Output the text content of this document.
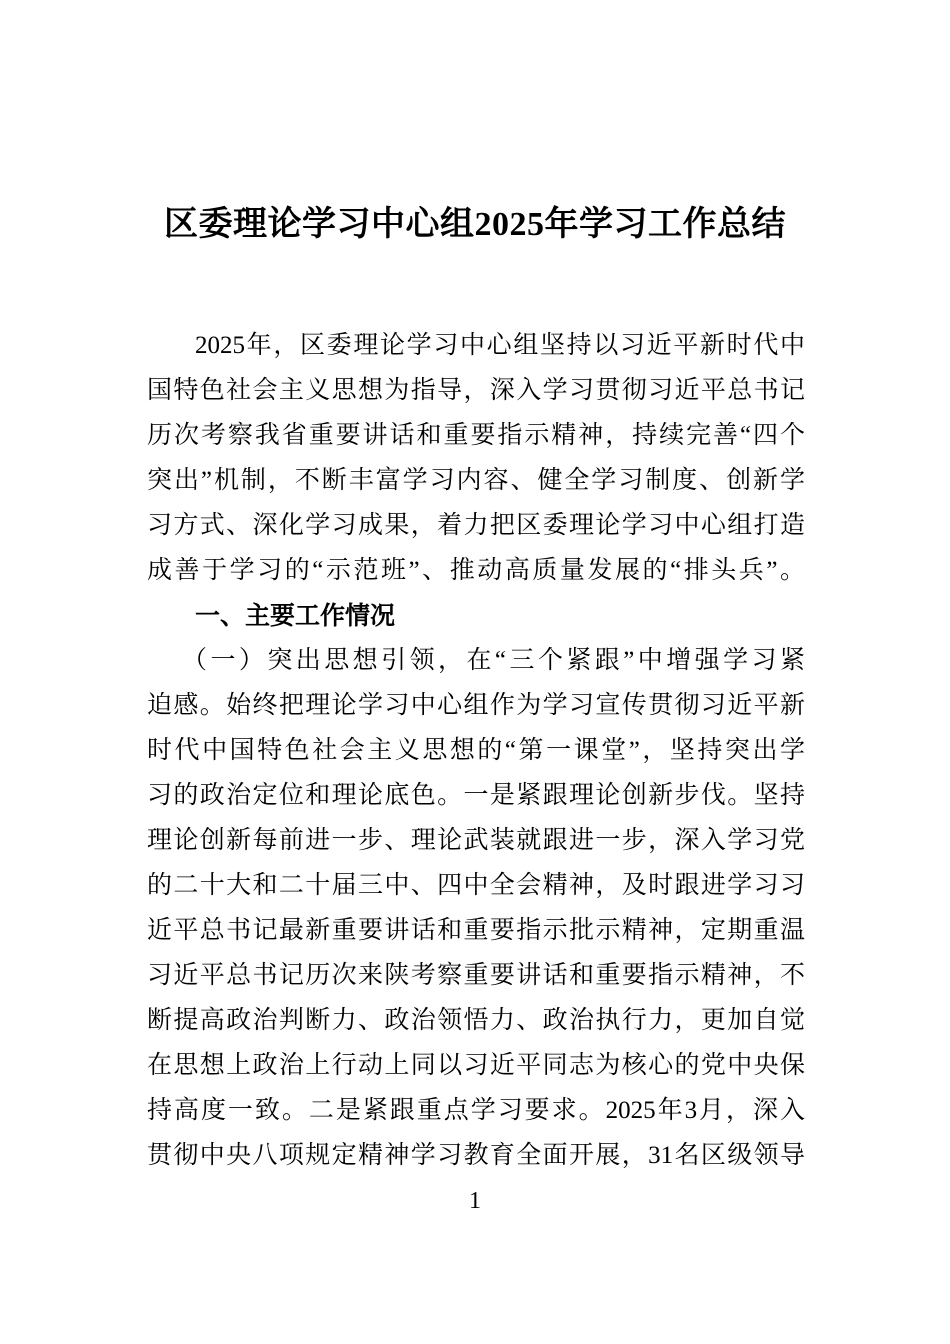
区委理论学习中心组2025年学习工作总结
2025年，区委理论学习中心组坚持以习近平新时代中
国特色社会主义思想为指导，深入学习贯彻习近平总书记
历次考察我省重要讲话和重要指示精神，持续完善“四个
突出”机制，不断丰富学习内容、健全学习制度、创新学
习方式、深化学习成果，着力把区委理论学习中心组打造
成善于学习的“示范班”、推动高质量发展的“排头兵”。
一、主要工作情况
（一）突出思想引领，在“三个紧跟”中增强学习紧
迫感。始终把理论学习中心组作为学习宣传贯彻习近平新
时代中国特色社会主义思想的“第一课堂”，坚持突出学
习的政治定位和理论底色。一是紧跟理论创新步伐。坚持
理论创新每前进一步、理论武装就跟进一步，深入学习党
的二十大和二十届三中、四中全会精神，及时跟进学习习
近平总书记最新重要讲话和重要指示批示精神，定期重温
习近平总书记历次来陕考察重要讲话和重要指示精神，不
断提高政治判断力、政治领悟力、政治执行力，更加自觉
在思想上政治上行动上同以习近平同志为核心的党中央保
持高度一致。二是紧跟重点学习要求。2025年3月，深入
贯彻中央八项规定精神学习教育全面开展，31名区级领导
1
